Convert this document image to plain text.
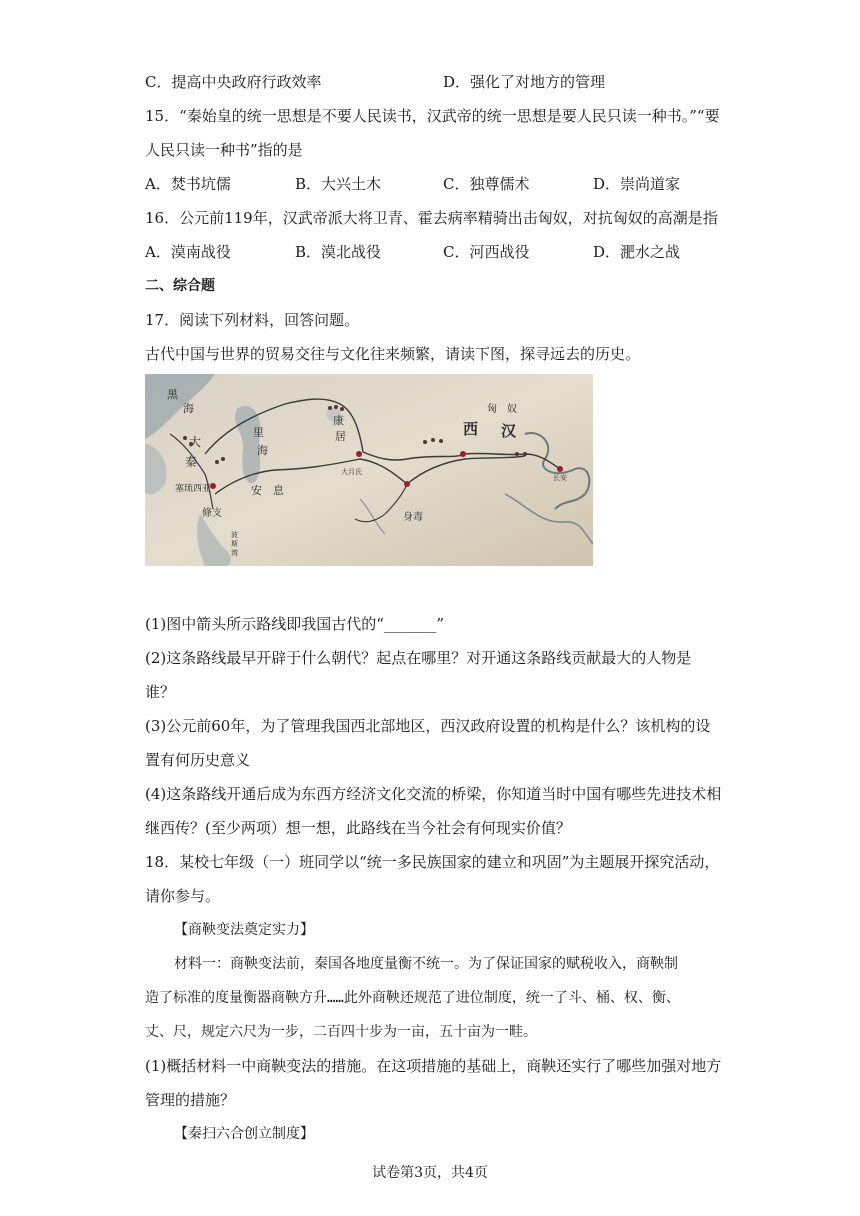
C．提高中央政府行政效率	D．强化了对地方的管理
15．“秦始皇的统一思想是不要人民读书，汉武帝的统一思想是要人民只读一种书。”“要
人民只读一种书”指的是
A．焚书坑儒	B．大兴土木	C．独尊儒术	D．崇尚道家
16．公元前119年，汉武帝派大将卫青、霍去病率精骑出击匈奴，对抗匈奴的高潮是指
A．漠南战役	B．漠北战役	C．河西战役	D．淝水之战
二、综合题
17．阅读下列材料，回答问题。
古代中国与世界的贸易交往与文化往来频繁，请读下图，探寻远去的历史。
黑
海
里
海
大
秦
康
居
匈 奴
西 汉
安 息
條支	身毒
大月氏
波
斯
湾
塞琉西亚
长安
(1)图中箭头所示路线即我国古代的“_______”
(2)这条路线最早开辟于什么朝代？起点在哪里？对开通这条路线贡献最大的人物是
谁？
(3)公元前60年，为了管理我国西北部地区，西汉政府设置的机构是什么？该机构的设
置有何历史意义
(4)这条路线开通后成为东西方经济文化交流的桥梁，你知道当时中国有哪些先进技术相
继西传？(至少两项）想一想，此路线在当今社会有何现实价值？
18．某校七年级（一）班同学以“统一多民族国家的建立和巩固”为主题展开探究活动，
请你参与。
【商鞅变法奠定实力】
材料一：商鞅变法前，秦国各地度量衡不统一。为了保证国家的赋税收入，商鞅制
造了标准的度量衡器商鞅方升……此外商鞅还规范了进位制度，统一了斗、桶、权、衡、
丈、尺，规定六尺为一步，二百四十步为一亩，五十亩为一畦。
(1)概括材料一中商鞅变法的措施。在这项措施的基础上，商鞅还实行了哪些加强对地方
管理的措施？
【秦扫六合创立制度】
试卷第3页，共4页
